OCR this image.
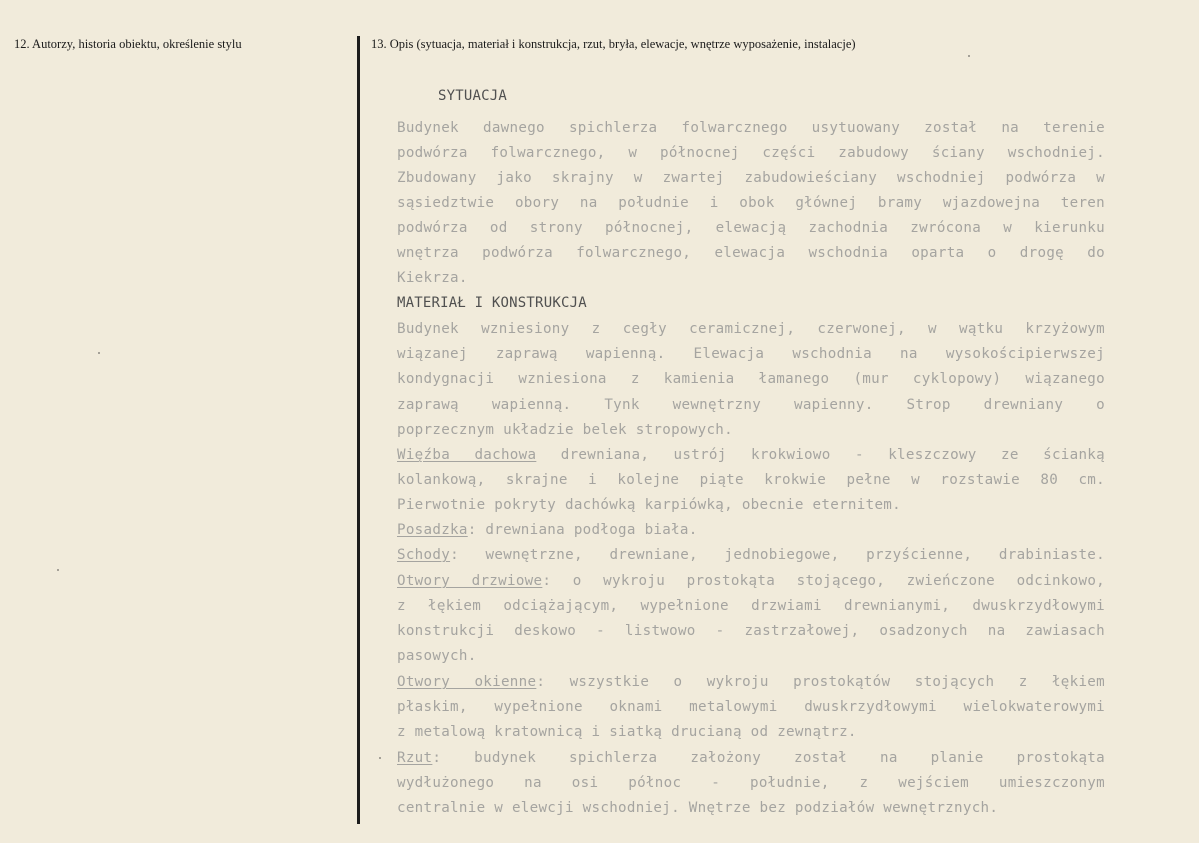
12. Autorzy, historia obiektu, określenie stylu	13. Opis (sytuacja, materiał i konstrukcja, rzut, bryła, elewacje, wnętrze wyposażenie, instalacje)
SYTUACJA
Budynek dawnego spichlerza folwarcznego usytuowany został na terenie
podwórza folwarcznego, w północnej części zabudowy ściany wschodniej.
Zbudowany jako skrajny w zwartej zabudowieściany wschodniej podwórza w
sąsiedztwie obory na południe i obok głównej bramy wjazdowejna teren
podwórza od strony północnej, elewacją zachodnia zwrócona w kierunku
wnętrza podwórza folwarcznego, elewacja wschodnia oparta o drogę do
Kiekrza.
MATERIAŁ I KONSTRUKCJA
Budynek wzniesiony z cegły ceramicznej, czerwonej, w wątku krzyżowym
wiązanej zaprawą wapienną. Elewacja wschodnia na wysokościpierwszej
kondygnacji wzniesiona z kamienia łamanego (mur cyklopowy) wiązanego
zaprawą wapienną. Tynk wewnętrzny wapienny. Strop drewniany o
poprzecznym układzie belek stropowych.
Więźba dachowa drewniana, ustrój krokwiowo - kleszczowy ze ścianką
kolankową, skrajne i kolejne piąte krokwie pełne w rozstawie 80 cm.
Pierwotnie pokryty dachówką karpiówką, obecnie eternitem.
Posadzka: drewniana podłoga biała.
Schody: wewnętrzne, drewniane, jednobiegowe, przyścienne, drabiniaste.
Otwory drzwiowe: o wykroju prostokąta stojącego, zwieńczone odcinkowo,
z łękiem odciążającym, wypełnione drzwiami drewnianymi, dwuskrzydłowymi
konstrukcji deskowo - listwowo - zastrzałowej, osadzonych na zawiasach
pasowych.
Otwory okienne: wszystkie o wykroju prostokątów stojących z łękiem
płaskim, wypełnione oknami metalowymi dwuskrzydłowymi wielokwaterowymi
z metalową kratownicą i siatką drucianą od zewnątrz.
Rzut: budynek spichlerza założony został na planie prostokąta
wydłużonego na osi północ - południe, z wejściem umieszczonym
centralnie w elewcji wschodniej. Wnętrze bez podziałów wewnętrznych.
